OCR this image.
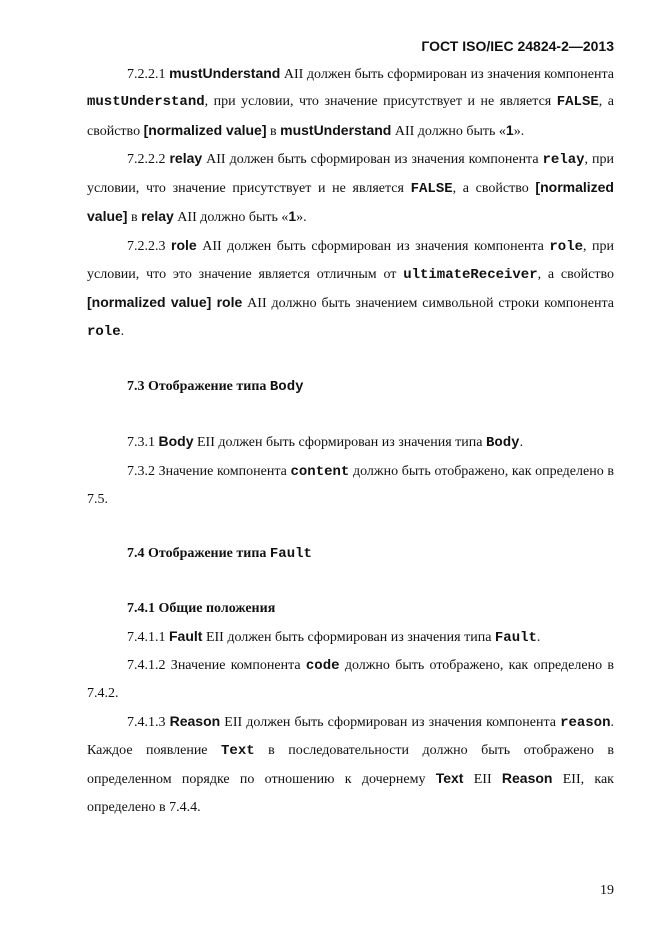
ГОСТ ISO/IEC 24824-2—2013

7.2.2.1 mustUnderstand АII должен быть сформирован из значения компонента mustUnderstand, при условии, что значение присутствует и не является FALSE, а свойство [normalized value] в mustUnderstand АII должно быть «1».

7.2.2.2 relay АII должен быть сформирован из значения компонента relay, при условии, что значение присутствует и не является FALSE, а свойство [normalized value] в relay АII должно быть «1».

7.2.2.3 role АII должен быть сформирован из значения компонента role, при условии, что это значение является отличным от ultimateReceiver, а свойство [normalized value] role АII должно быть значением символьной строки компонента role.

7.3 Отображение типа Body

7.3.1 Body ЕII должен быть сформирован из значения типа Body.

7.3.2 Значение компонента content должно быть отображено, как определено в 7.5.

7.4 Отображение типа Fault
7.4.1 Общие положения

7.4.1.1 Fault ЕII должен быть сформирован из значения типа Fault.

7.4.1.2 Значение компонента code должно быть отображено, как определено в 7.4.2.

7.4.1.3 Reason ЕII должен быть сформирован из значения компонента reason. Каждое появление Text в последовательности должно быть отображено в определенном порядке по отношению к дочернему Text ЕII Reason ЕII, как определено в 7.4.4.

19
